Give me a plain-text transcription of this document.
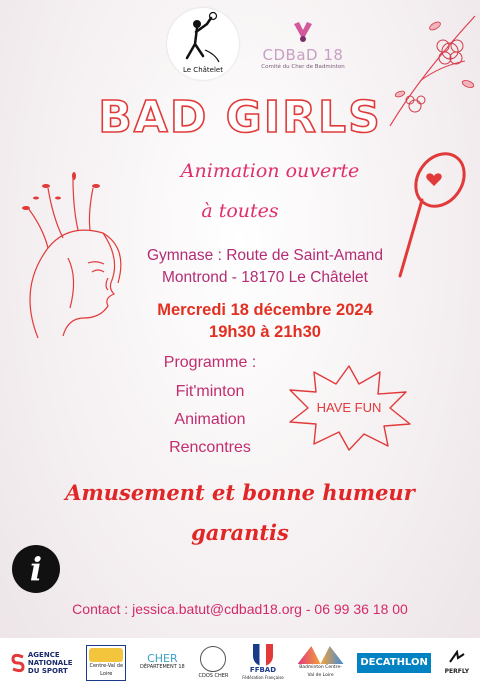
Le Châtelet
CDBaD 18
Comité du Cher de Badminton
BAD GIRLS
Animation ouverte
à toutes
Gymnase : Route de Saint-Amand
Montrond - 18170 Le Châtelet
Mercredi 18 décembre 2024
19h30 à 21h30
Programme :
Fit'minton
Animation
Rencontres
HAVE FUN
Amusement et bonne humeur
garantis
i
Contact : jessica.batut@cdbad18.org - 06 99 36 18 00
AGENCE
NATIONALE
DU SPORT
Centre-Val de Loire
CHER
DÉPARTEMENT 18
CDOS CHER
FFBAD
Fédération Française
Badminton Centre-Val de Loire
DECATHLON
PERFLY
